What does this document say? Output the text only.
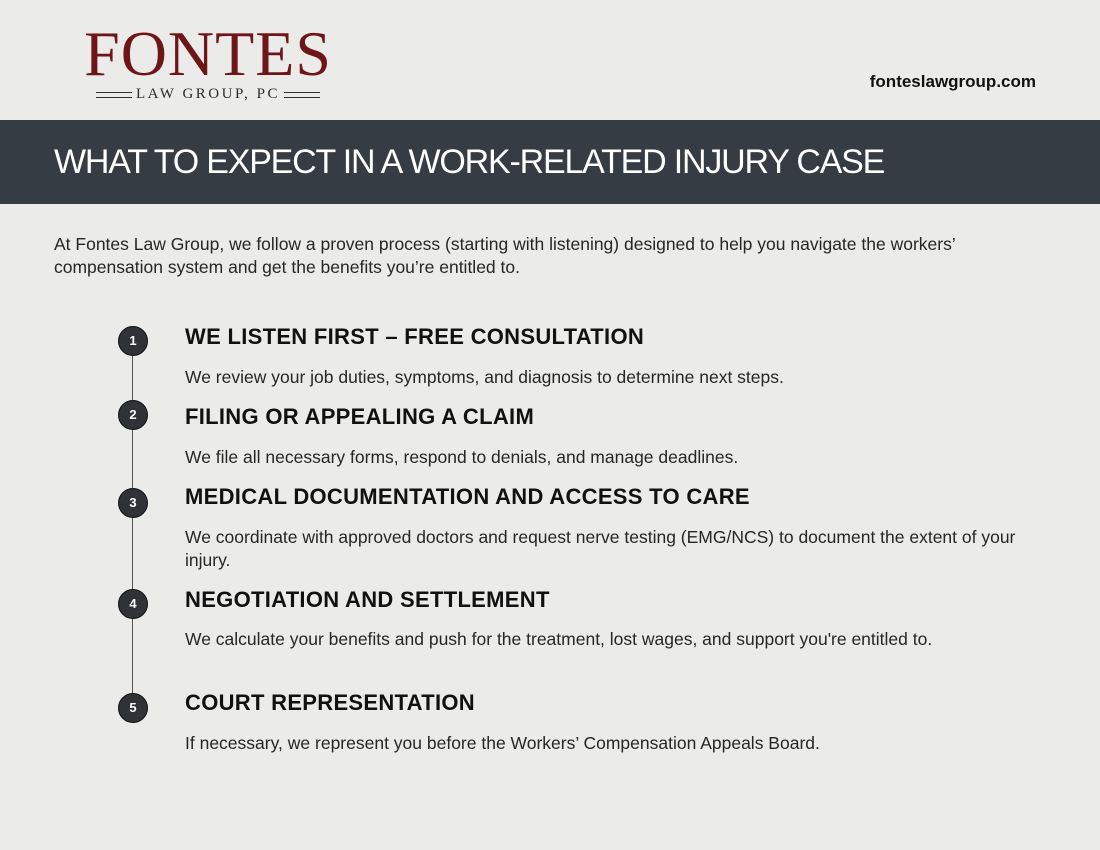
FONTES
LAW GROUP, PC
fonteslawgroup.com
WHAT TO EXPECT IN A WORK-RELATED INJURY CASE

At Fontes Law Group, we follow a proven process (starting with listening) designed to help you navigate the workers’ compensation system and get the benefits you’re entitled to.

1	WE LISTEN FIRST – FREE CONSULTATION

We review your job duties, symptoms, and diagnosis to determine next steps.

2	FILING OR APPEALING A CLAIM

We file all necessary forms, respond to denials, and manage deadlines.

3	MEDICAL DOCUMENTATION AND ACCESS TO CARE

We coordinate with approved doctors and request nerve testing (EMG/NCS) to document the extent of your injury.

4	NEGOTIATION AND SETTLEMENT

We calculate your benefits and push for the treatment, lost wages, and support you're entitled to.

5	COURT REPRESENTATION

If necessary, we represent you before the Workers’ Compensation Appeals Board.
